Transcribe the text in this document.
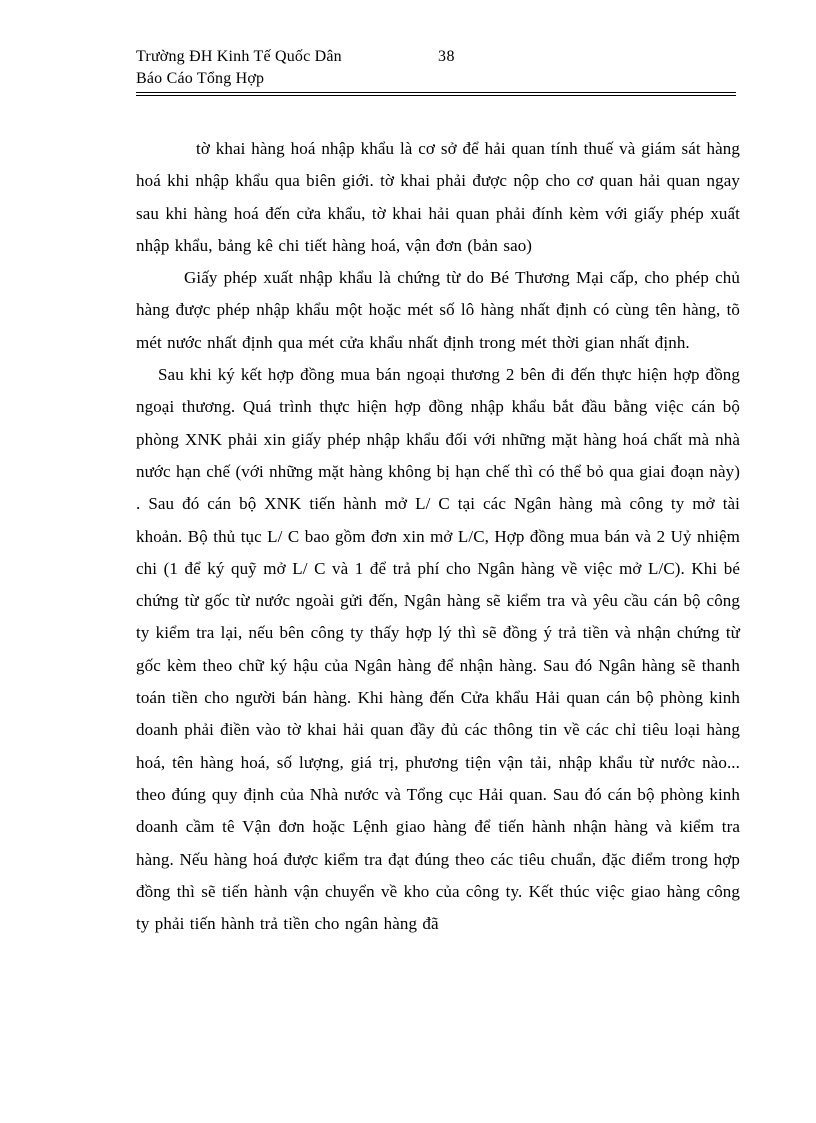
Trường ĐH Kinh Tế Quốc Dân	38
Báo Cáo Tổng Hợp

tờ khai hàng hoá nhập khẩu là cơ sở để hải quan tính thuế và giám sát hàng hoá khi nhập khẩu qua biên giới. tờ khai phải được nộp cho cơ quan hải quan ngay sau khi hàng hoá đến cửa khẩu, tờ khai hải quan phải đính kèm với giấy phép xuất nhập khẩu, bảng kê chi tiết hàng hoá, vận đơn (bản sao)

Giấy phép xuất nhập khẩu là chứng từ do Bé Thương Mại cấp, cho phép chủ hàng được phép nhập khẩu một hoặc mét số lô hàng nhất định có cùng tên hàng, tõ mét nước nhất định qua mét cửa khẩu nhất định trong mét thời gian nhất định.

Sau khi ký kết hợp đồng mua bán ngoại thương 2 bên đi đến thực hiện hợp đồng ngoại thương. Quá trình thực hiện hợp đồng nhập khẩu bắt đầu bằng việc cán bộ phòng XNK phải xin giấy phép nhập khẩu đối với những mặt hàng hoá chất mà nhà nước hạn chế (với những mặt hàng không bị hạn chế thì có thể bỏ qua giai đoạn này) . Sau đó cán bộ XNK tiến hành mở L/ C tại các Ngân hàng mà công ty mở tài khoản. Bộ thủ tục L/ C bao gồm đơn xin mở L/C, Hợp đồng mua bán và 2 Uỷ nhiệm chi (1 để ký quỹ mở L/ C và 1 để trả phí cho Ngân hàng về việc mở L/C). Khi bé chứng từ gốc từ nước ngoài gửi đến, Ngân hàng sẽ kiểm tra và yêu cầu cán bộ công ty kiểm tra lại, nếu bên công ty thấy hợp lý thì sẽ đồng ý trả tiền và nhận chứng từ gốc kèm theo chữ ký hậu của Ngân hàng để nhận hàng. Sau đó Ngân hàng sẽ thanh toán tiền cho người bán hàng. Khi hàng đến Cửa khẩu Hải quan cán bộ phòng kinh doanh phải điền vào tờ khai hải quan đầy đủ các thông tin về các chỉ tiêu loại hàng hoá, tên hàng hoá, số lượng, giá trị, phương tiện vận tải, nhập khẩu từ nước nào... theo đúng quy định của Nhà nước và Tổng cục Hải quan. Sau đó cán bộ phòng kinh doanh cầm tê Vận đơn hoặc Lệnh giao hàng để tiến hành nhận hàng và kiểm tra hàng. Nếu hàng hoá được kiểm tra đạt đúng theo các tiêu chuẩn, đặc điểm trong hợp đồng thì sẽ tiến hành vận chuyển về kho của công ty. Kết thúc việc giao hàng công ty phải tiến hành trả tiền cho ngân hàng đã
